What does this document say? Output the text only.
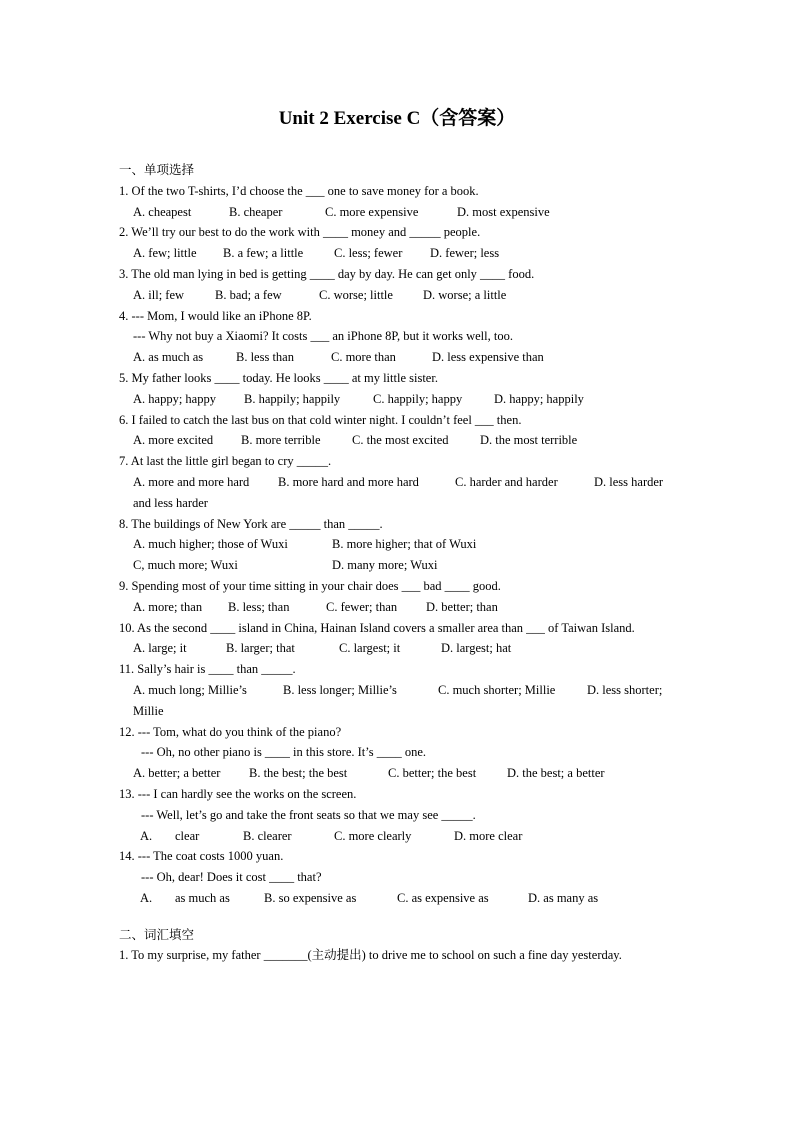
Unit 2 Exercise C（含答案）
一、单项选择
1. Of the two T-shirts, I’d choose the ___ one to save money for a book.
A. cheapest	B. cheaper	C. more expensive	D. most expensive
2. We’ll try our best to do the work with ____ money and _____ people.
A. few; little B. a few; a little C. less; fewer D. fewer; less
3. The old man lying in bed is getting ____ day by day. He can get only ____ food.
A. ill; few B. bad; a few	C. worse; little D. worse; a little
4. --- Mom, I would like an iPhone 8P.
--- Why not buy a Xiaomi? It costs ___ an iPhone 8P, but it works well, too.
A. as much as	B. less than	C. more than	D. less expensive than
5. My father looks ____ today. He looks ____ at my little sister.
A. happy; happy B. happily; happily	C. happily; happy	D. happy; happily
6. I failed to catch the last bus on that cold winter night. I couldn’t feel ___ then.
A. more excited B. more terrible	C. the most excited	D. the most terrible
7. At last the little girl began to cry _____.
A. more and more hard B. more hard and more hard	C. harder and harder	D. less harder
and less harder
8. The buildings of New York are _____ than _____.
A. much higher; those of Wuxi	B. more higher; that of Wuxi
C, much more; Wuxi	D. many more; Wuxi
9. Spending most of your time sitting in your chair does ___ bad ____ good.
A. more; than B. less; than	C. fewer; than D. better; than
10. As the second ____ island in China, Hainan Island covers a smaller area than ___ of Taiwan Island.
A. large; it	B. larger; that	C. largest; it	D. largest; hat
11. Sally’s hair is ____ than _____.
A. much long; Millie’s	B. less longer; Millie’s	C. much shorter; Millie	D. less shorter;
Millie
12. --- Tom, what do you think of the piano?
--- Oh, no other piano is ____ in this store. It’s ____ one.
A. better; a better B. the best; the best	C. better; the best D. the best; a better
13. --- I can hardly see the works on the screen.
--- Well, let’s go and take the front seats so that we may see _____.
A. clear	B. clearer	C. more clearly	D. more clear
14. --- The coat costs 1000 yuan.
--- Oh, dear! Does it cost ____ that?
A. as much as	B. so expensive as	C. as expensive as	D. as many as
二、词汇填空
1. To my surprise, my father _______(主动提出) to drive me to school on such a fine day yesterday.
